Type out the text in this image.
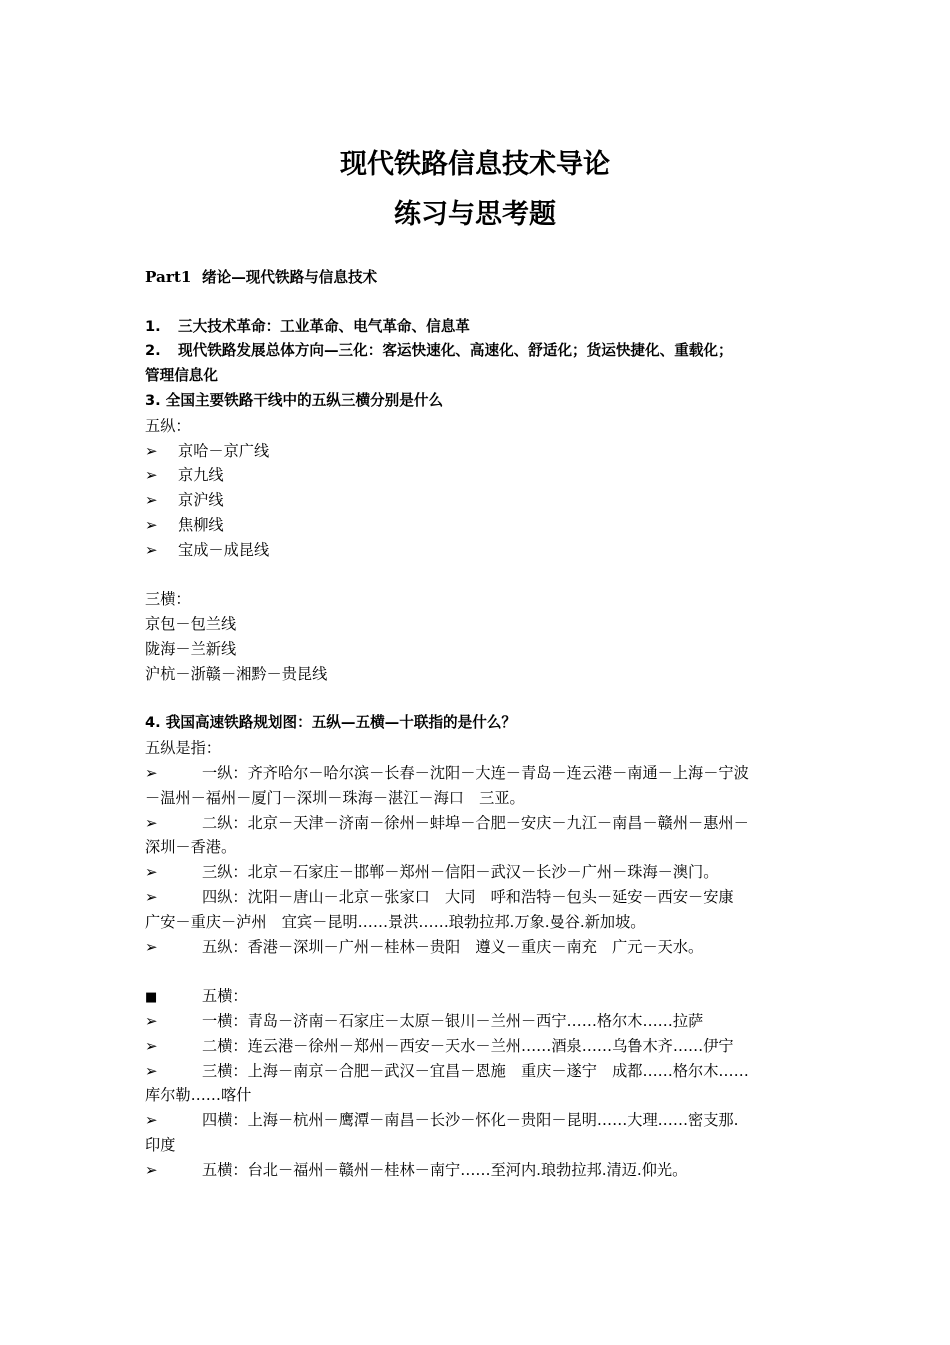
现代铁路信息技术导论
练习与思考题
Part1 绪论—现代铁路与信息技术
1. 三大技术革命：工业革命、电气革命、信息革
2. 现代铁路发展总体方向—三化：客运快速化、高速化、舒适化；货运快捷化、重载化；
管理信息化
3. 全国主要铁路干线中的五纵三横分别是什么
五纵：
➢ 京哈－京广线
➢ 京九线
➢ 京沪线
➢ 焦柳线
➢ 宝成－成昆线
三横：
京包－包兰线
陇海－兰新线
沪杭－浙赣－湘黔－贵昆线
4. 我国高速铁路规划图：五纵—五横—十联指的是什么？
五纵是指：
➢	一纵：齐齐哈尔－哈尔滨－长春－沈阳－大连－青岛－连云港－南通－上海－宁波
－温州－福州－厦门－深圳－珠海－湛江－海口　三亚。
➢	二纵：北京－天津－济南－徐州－蚌埠－合肥－安庆－九江－南昌－赣州－惠州－
深圳－香港。
➢	三纵：北京－石家庄－邯郸－郑州－信阳－武汉－长沙－广州－珠海－澳门。
➢	四纵：沈阳－唐山－北京－张家口　大同　呼和浩特－包头－延安－西安－安康
广安－重庆－泸州　宜宾－昆明……景洪……琅勃拉邦.万象.曼谷.新加坡。
➢	五纵：香港－深圳－广州－桂林－贵阳　遵义－重庆－南充　广元－天水。
■	五横：
➢	一横：青岛－济南－石家庄－太原－银川－兰州－西宁……格尔木……拉萨
➢	二横：连云港－徐州－郑州－西安－天水－兰州……酒泉……乌鲁木齐……伊宁
➢	三横：上海－南京－合肥－武汉－宜昌－恩施　重庆－遂宁　成都……格尔木……
库尔勒……喀什
➢	四横：上海－杭州－鹰潭－南昌－长沙－怀化－贵阳－昆明……大理……密支那.
印度
➢	五横：台北－福州－赣州－桂林－南宁……至河内.琅勃拉邦.清迈.仰光。
